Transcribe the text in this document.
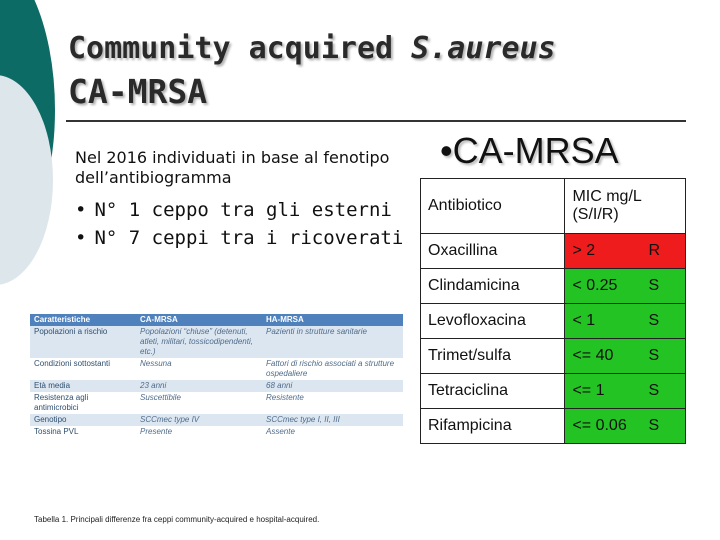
Community acquired S.aureus
CA-MRSA
Nel 2016 individuati in base al fenotipo dell’antibiogramma
• N° 1 ceppo tra gli esterni
• N° 7 ceppi tra i ricoverati
• CA-MRSA
Antibiotico	MIC mg/L (S/I/R)	
Oxacillina	> 2	R
Clindamicina	< 0.25	S
Levofloxacina	< 1	S
Trimet/sulfa	<= 40	S
Tetraciclina	<= 1	S
Rifampicina	<= 0.06	S
Caratteristiche	CA-MRSA	HA-MRSA
Popolazioni a rischio	Popolazioni “chiuse” (detenuti, atleti, militari, tossicodipendenti, etc.)	Pazienti in strutture sanitarie
Condizioni sottostanti	Nessuna	Fattori di rischio associati a strutture ospedaliere
Età media	23 anni	68 anni
Resistenza agli antimicrobici	Suscettibile	Resistente
Genotipo	SCCmec type IV	SCCmec type I, II, III
Tossina PVL	Presente	Assente
Tabella 1. Principali differenze fra ceppi community-acquired e hospital-acquired.
